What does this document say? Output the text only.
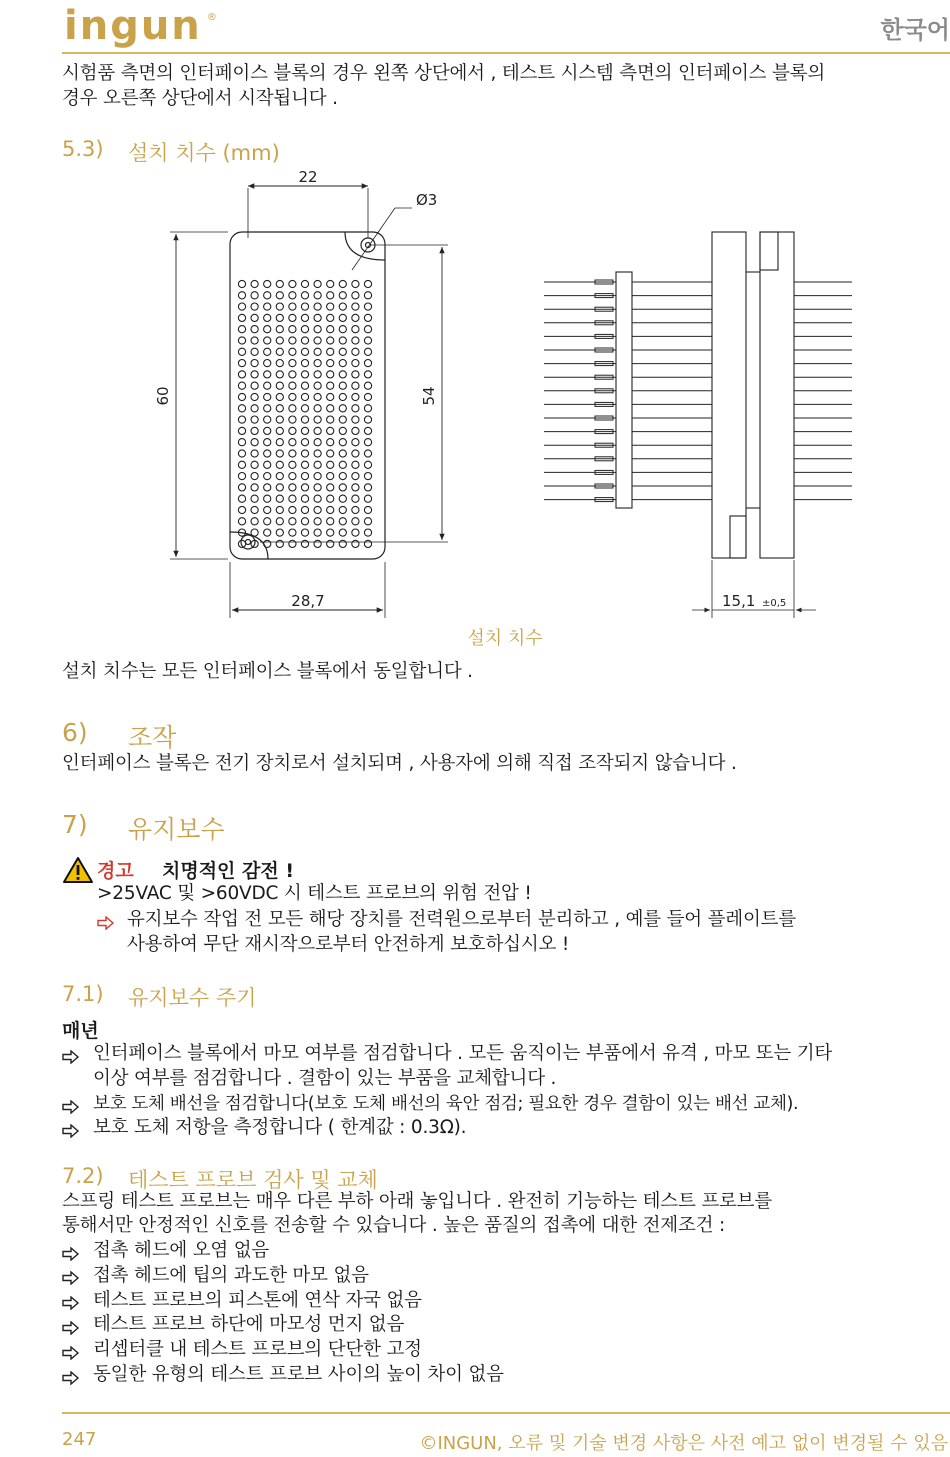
ingun ®	한국어
시험품 측면의 인터페이스 블록의 경우 왼쪽 상단에서 , 테스트 시스템 측면의 인터페이스 블록의
경우 오른쪽 상단에서 시작됩니다 .
5.3) 설치 치수 (mm)
22
Ø3
60	54
28,7	15,1 ±0,5
설치 치수
설치 치수는 모든 인터페이스 블록에서 동일합니다 .
6) 조작
인터페이스 블록은 전기 장치로서 설치되며 , 사용자에 의해 직접 조작되지 않습니다 .
7) 유지보수
경고 치명적인 감전 !
>25VAC 및 >60VDC 시 테스트 프로브의 위험 전압 !
유지보수 작업 전 모든 해당 장치를 전력원으로부터 분리하고 , 예를 들어 플레이트를
사용하여 무단 재시작으로부터 안전하게 보호하십시오 !
7.1) 유지보수 주기
매년
인터페이스 블록에서 마모 여부를 점검합니다 . 모든 움직이는 부품에서 유격 , 마모 또는 기타
이상 여부를 점검합니다 . 결함이 있는 부품을 교체합니다 .
보호 도체 배선을 점검합니다(보호 도체 배선의 육안 점검; 필요한 경우 결함이 있는 배선 교체).
보호 도체 저항을 측정합니다 ( 한계값 : 0.3Ω).
7.2) 테스트 프로브 검사 및 교체
스프링 테스트 프로브는 매우 다른 부하 아래 놓입니다 . 완전히 기능하는 테스트 프로브를
통해서만 안정적인 신호를 전송할 수 있습니다 . 높은 품질의 접촉에 대한 전제조건 :
접촉 헤드에 오염 없음
접촉 헤드에 팁의 과도한 마모 없음
테스트 프로브의 피스톤에 연삭 자국 없음
테스트 프로브 하단에 마모성 먼지 없음
리셉터클 내 테스트 프로브의 단단한 고정
동일한 유형의 테스트 프로브 사이의 높이 차이 없음
247	©INGUN, 오류 및 기술 변경 사항은 사전 예고 없이 변경될 수 있음
